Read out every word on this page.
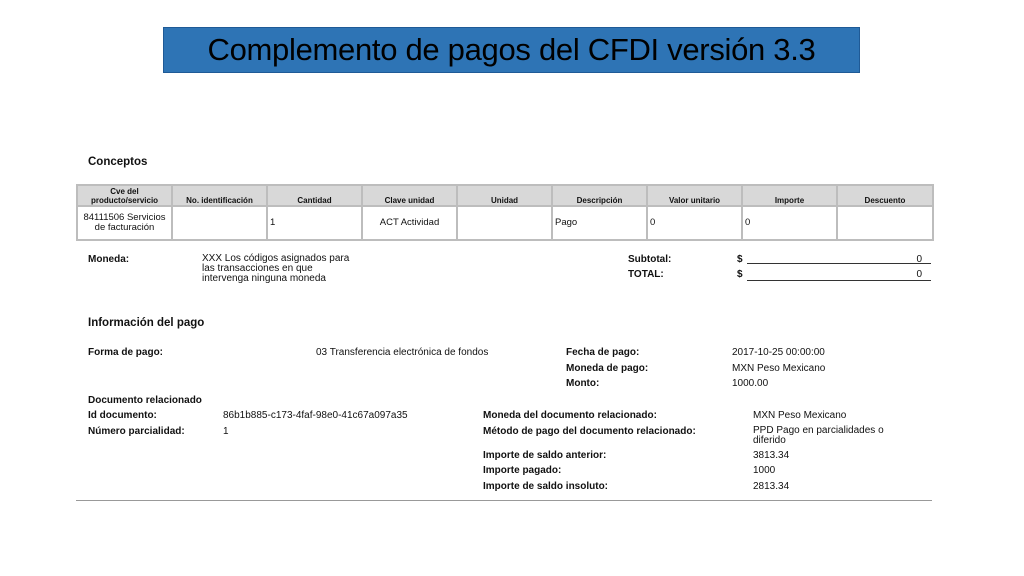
Complemento de pagos del CFDI versión 3.3
Conceptos
Cve del producto/servicio	No. identificación	Cantidad	Clave unidad	Unidad	Descripción	Valor unitario	Importe	Descuento
84111506 Servicios de facturación		1	ACT Actividad		Pago	0	0	
Moneda:	XXX Los códigos asignados para las transacciones en que intervenga ninguna moneda
Subtotal:	$	0
TOTAL:	$	0
Información del pago
Forma de pago:	03 Transferencia electrónica de fondos	Fecha de pago:	2017-10-25 00:00:00
Moneda de pago:	MXN Peso Mexicano
Monto:	1000.00
Documento relacionado
Id documento:	86b1b885-c173-4faf-98e0-41c67a097a35	Moneda del documento relacionado:	MXN Peso Mexicano
Número parcialidad:	1	Método de pago del documento relacionado:	PPD Pago en parcialidades o diferido
Importe de saldo anterior:	3813.34
Importe pagado:	1000
Importe de saldo insoluto:	2813.34
